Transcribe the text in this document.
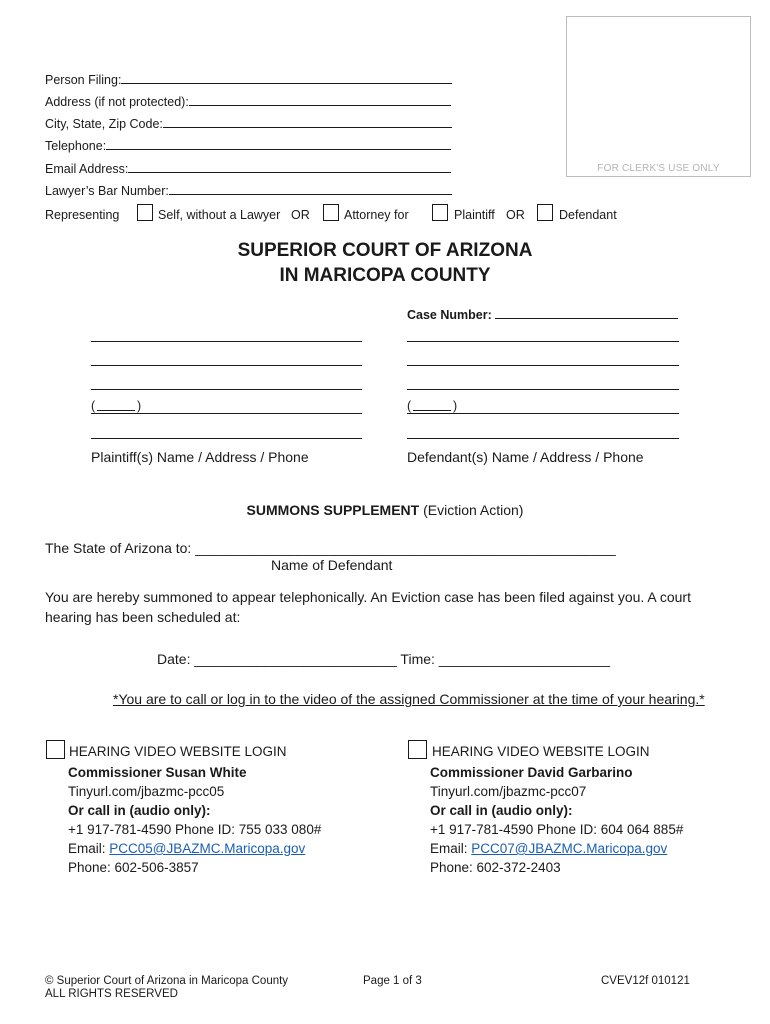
Person Filing:
Address (if not protected):
City, State, Zip Code:
Telephone:
Email Address:
Lawyer’s Bar Number:
FOR CLERK'S USE ONLY
Representing	Self, without a Lawyer OR	Attorney for	Plaintiff OR	Defendant
SUPERIOR COURT OF ARIZONA
IN MARICOPA COUNTY
Case Number:
(	)
Plaintiff(s) Name / Address / Phone
(	)
Defendant(s) Name / Address / Phone
SUMMONS SUPPLEMENT (Eviction Action)
The State of Arizona to: ______________________________________________________
Name of Defendant
You are hereby summoned to appear telephonically. An Eviction case has been filed against you. A court
hearing has been scheduled at:
Date: __________________________ Time: ______________________
*You are to call or log in to the video of the assigned Commissioner at the time of your hearing.*
HEARING VIDEO WEBSITE LOGIN
Commissioner Susan White
Tinyurl.com/jbazmc-pcc05
Or call in (audio only):
+1 917-781-4590 Phone ID: 755 033 080#
Email: PCC05@JBAZMC.Maricopa.gov
Phone: 602-506-3857
HEARING VIDEO WEBSITE LOGIN
Commissioner David Garbarino
Tinyurl.com/jbazmc-pcc07
Or call in (audio only):
+1 917-781-4590 Phone ID: 604 064 885#
Email: PCC07@JBAZMC.Maricopa.gov
Phone: 602-372-2403
© Superior Court of Arizona in Maricopa County
ALL RIGHTS RESERVED
Page 1 of 3	CVEV12f 010121
